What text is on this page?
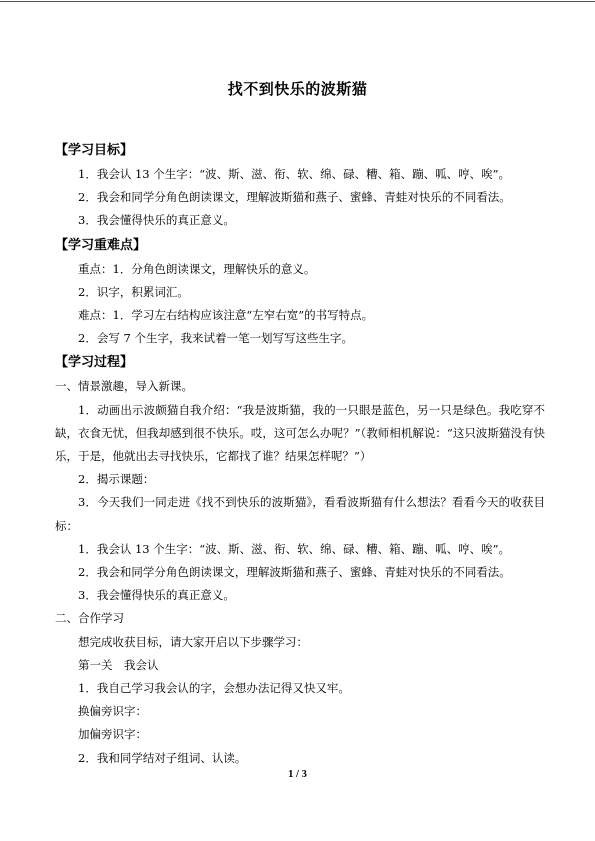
找不到快乐的波斯猫

【学习目标】

1．我会认 13 个生字：“波、斯、滋、衔、软、绵、碌、糟、箱、蹦、呱、哼、唉”。

2．我会和同学分角色朗读课文，理解波斯猫和燕子、蜜蜂、青蛙对快乐的不同看法。

3．我会懂得快乐的真正意义。

【学习重难点】

重点：1．分角色朗读课文，理解快乐的意义。

2．识字，积累词汇。

难点：1．学习左右结构应该注意“左窄右宽”的书写特点。

2．会写 7 个生字，我来试着一笔一划写写这些生字。

【学习过程】

一、情景激趣，导入新课。

1．动画出示波颇猫自我介绍：“我是波斯猫，我的一只眼是蓝色，另一只是绿色。我吃穿不缺，衣食无忧，但我却感到很不快乐。哎，这可怎么办呢？”（教师相机解说：“这只波斯猫没有快乐，于是，他就出去寻找快乐，它都找了谁？结果怎样呢？”）

2．揭示课题：

3．今天我们一同走进《找不到快乐的波斯猫》，看看波斯猫有什么想法？看看今天的收获目标：

1．我会认 13 个生字：“波、斯、滋、衔、软、绵、碌、糟、箱、蹦、呱、哼、唉”。

2．我会和同学分角色朗读课文，理解波斯猫和燕子、蜜蜂、青蛙对快乐的不同看法。

3．我会懂得快乐的真正意义。

二、合作学习

想完成收获目标，请大家开启以下步骤学习：

第一关　我会认

1．我自己学习我会认的字，会想办法记得又快又牢。

换偏旁识字：

加偏旁识字：

2．我和同学结对子组词、认读。

1 / 3
